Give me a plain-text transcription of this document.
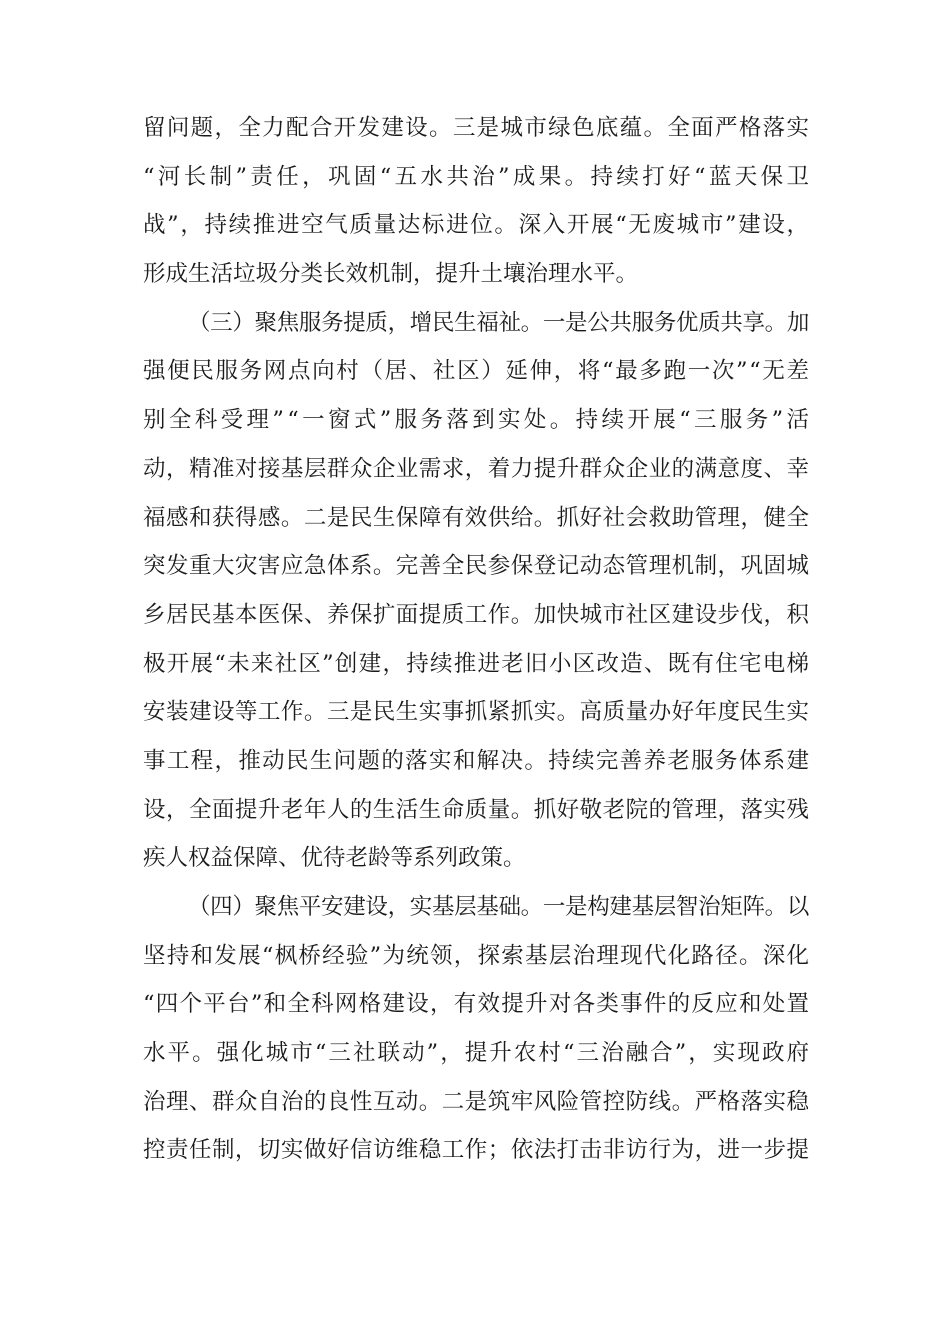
留问题，全力配合开发建设。三是城市绿色底蕴。全面严格落实
“河长制”责任，巩固“五水共治”成果。持续打好“蓝天保卫
战”，持续推进空气质量达标进位。深入开展“无废城市”建设，
形成生活垃圾分类长效机制，提升土壤治理水平。
（三）聚焦服务提质，增民生福祉。一是公共服务优质共享。加
强便民服务网点向村（居、社区）延伸，将“最多跑一次”“无差
别全科受理”“一窗式”服务落到实处。持续开展“三服务”活
动，精准对接基层群众企业需求，着力提升群众企业的满意度、幸
福感和获得感。二是民生保障有效供给。抓好社会救助管理，健全
突发重大灾害应急体系。完善全民参保登记动态管理机制，巩固城
乡居民基本医保、养保扩面提质工作。加快城市社区建设步伐，积
极开展“未来社区”创建，持续推进老旧小区改造、既有住宅电梯
安装建设等工作。三是民生实事抓紧抓实。高质量办好年度民生实
事工程，推动民生问题的落实和解决。持续完善养老服务体系建
设，全面提升老年人的生活生命质量。抓好敬老院的管理，落实残
疾人权益保障、优待老龄等系列政策。
（四）聚焦平安建设，实基层基础。一是构建基层智治矩阵。以
坚持和发展“枫桥经验”为统领，探索基层治理现代化路径。深化
“四个平台”和全科网格建设，有效提升对各类事件的反应和处置
水平。强化城市“三社联动”，提升农村“三治融合”，实现政府
治理、群众自治的良性互动。二是筑牢风险管控防线。严格落实稳
控责任制，切实做好信访维稳工作；依法打击非访行为，进一步提
